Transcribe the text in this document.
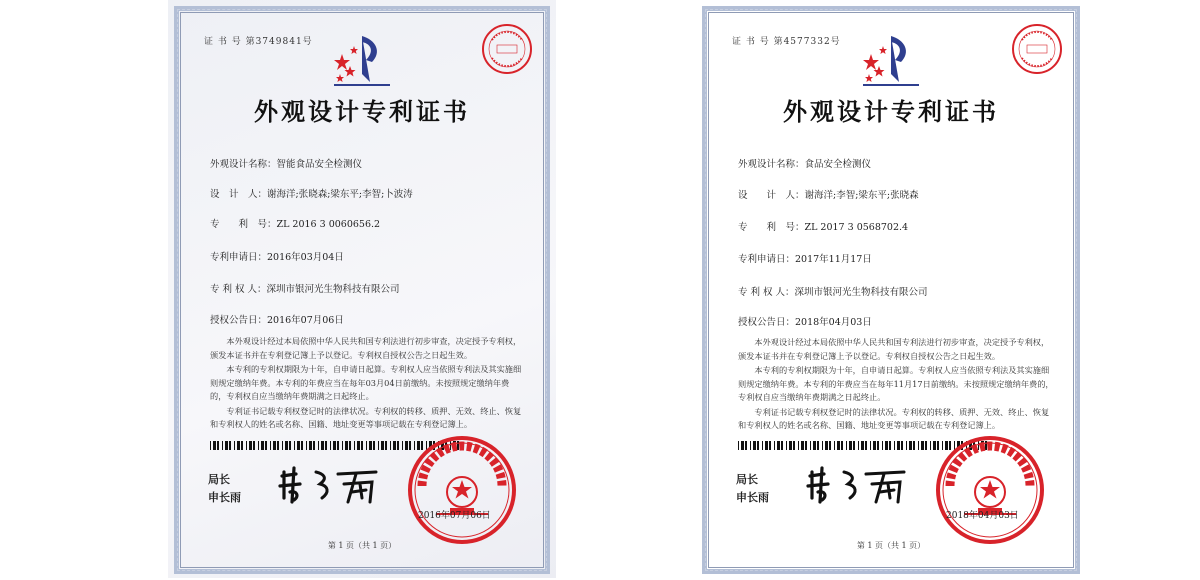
证 书 号 第3749841号
外观设计专利证书
外观设计名称：智能食品安全检测仪
设　计　人：谢海洋;张晓森;梁东平;李智;卜波涛
专　　利　号：ZL 2016 3 0060656.2
专利申请日：2016年03月04日
专 利 权 人：深圳市银河光生物科技有限公司
授权公告日：2016年07月06日

本外观设计经过本局依照中华人民共和国专利法进行初步审查，决定授予专利权，颁发本证书并在专利登记簿上予以登记。专利权自授权公告之日起生效。

本专利的专利权期限为十年，自申请日起算。专利权人应当依照专利法及其实施细则规定缴纳年费。本专利的年费应当在每年03月04日前缴纳。未按照规定缴纳年费的，专利权自应当缴纳年费期满之日起终止。

专利证书记载专利权登记时的法律状况。专利权的转移、质押、无效、终止、恢复和专利权人的姓名或名称、国籍、地址变更等事项记载在专利登记簿上。

局长
申长雨
2016年07月06日
第 1 页（共 1 页）
证 书 号 第4577332号
外观设计专利证书
外观设计名称：食品安全检测仪
设　　计　人：谢海洋;李智;梁东平;张晓森
专　　利　号：ZL 2017 3 0568702.4
专利申请日：2017年11月17日
专 利 权 人：深圳市银河光生物科技有限公司
授权公告日：2018年04月03日

本外观设计经过本局依照中华人民共和国专利法进行初步审查，决定授予专利权，颁发本证书并在专利登记簿上予以登记。专利权自授权公告之日起生效。

本专利的专利权期限为十年，自申请日起算。专利权人应当依照专利法及其实施细则规定缴纳年费。本专利的年费应当在每年11月17日前缴纳。未按照规定缴纳年费的，专利权自应当缴纳年费期满之日起终止。

专利证书记载专利权登记时的法律状况。专利权的转移、质押、无效、终止、恢复和专利权人的姓名或名称、国籍、地址变更等事项记载在专利登记簿上。

局长
申长雨
2018年04月03日
第 1 页（共 1 页）
